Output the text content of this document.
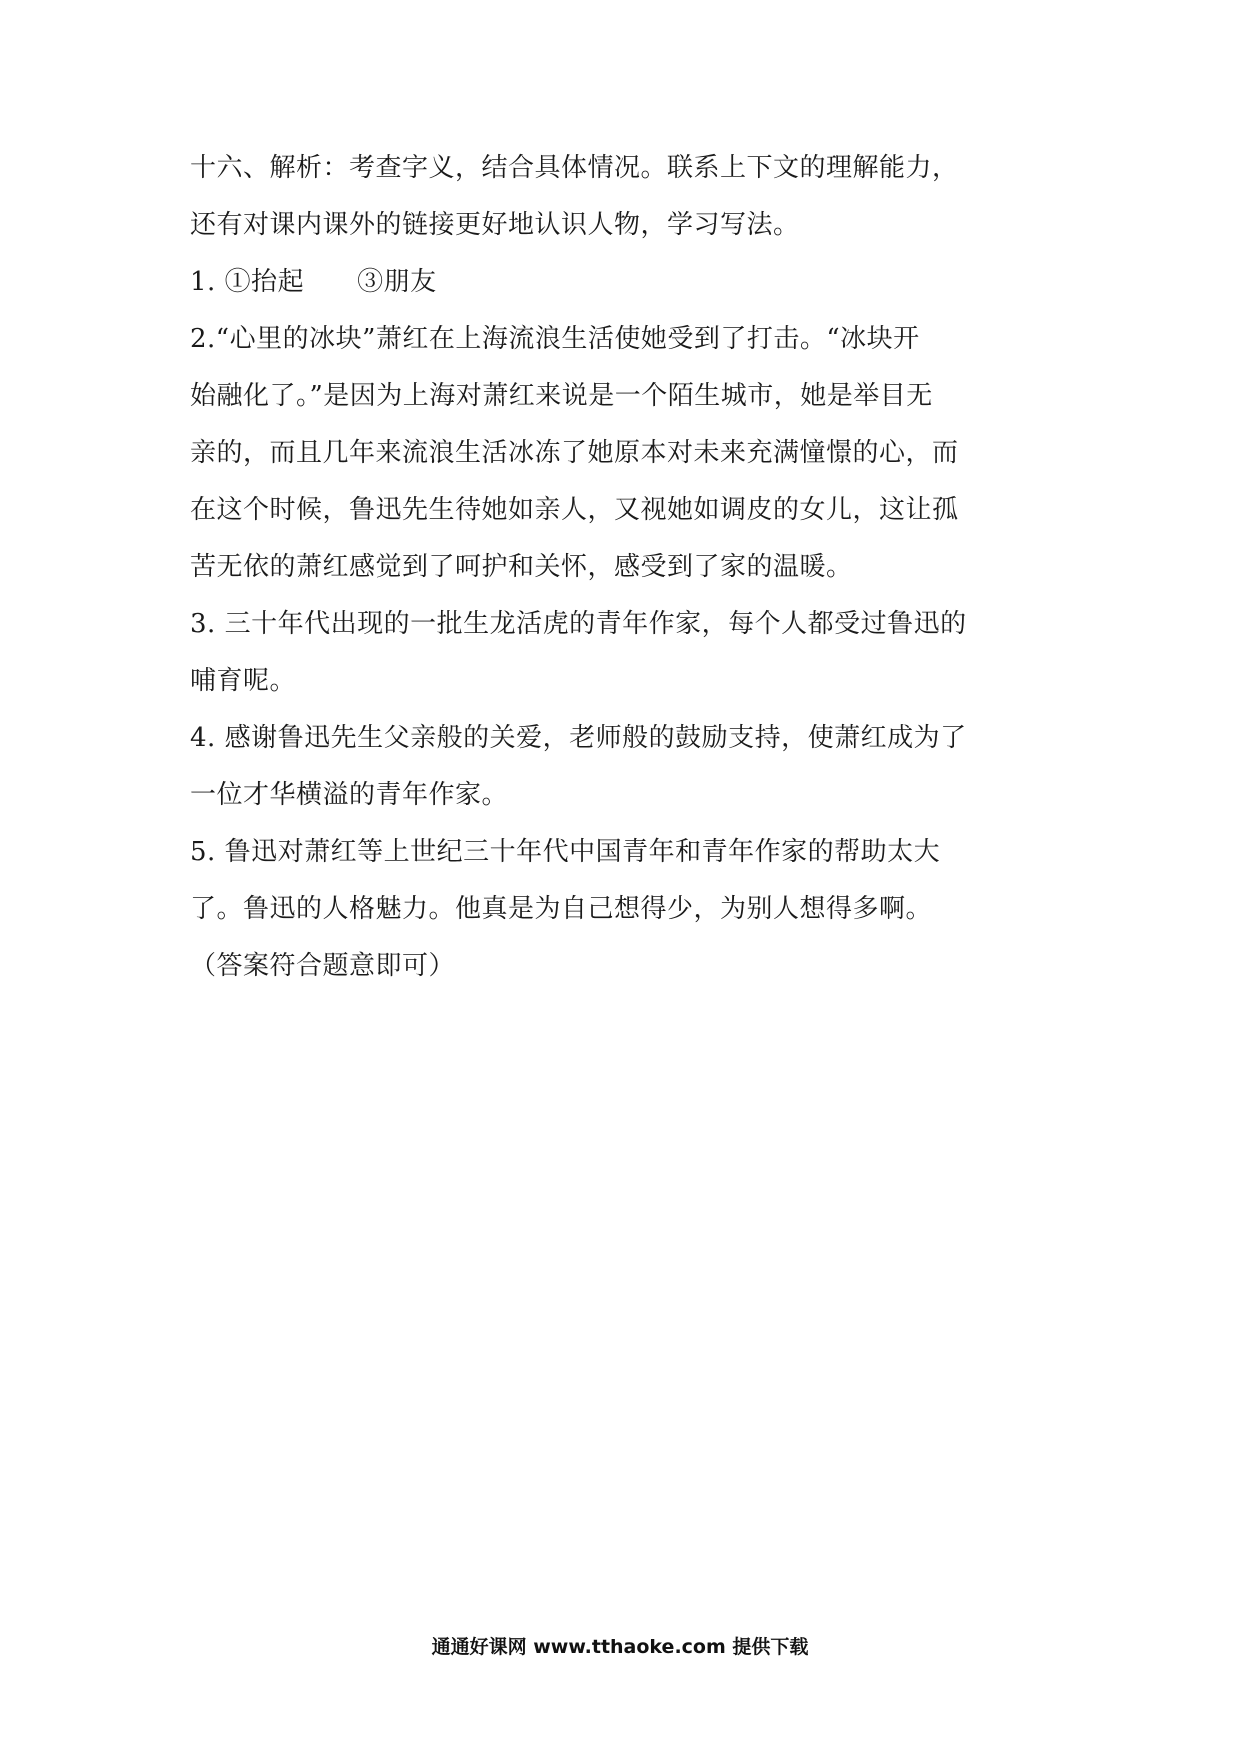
十六、解析：考查字义，结合具体情况。联系上下文的理解能力，
还有对课内课外的链接更好地认识人物，学习写法。
1. ①抬起　　③朋友
2.“心里的冰块”萧红在上海流浪生活使她受到了打击。“冰块开
始融化了。”是因为上海对萧红来说是一个陌生城市，她是举目无
亲的，而且几年来流浪生活冰冻了她原本对未来充满憧憬的心，而
在这个时候，鲁迅先生待她如亲人，又视她如调皮的女儿，这让孤
苦无依的萧红感觉到了呵护和关怀，感受到了家的温暖。
3. 三十年代出现的一批生龙活虎的青年作家，每个人都受过鲁迅的
哺育呢。
4. 感谢鲁迅先生父亲般的关爱，老师般的鼓励支持，使萧红成为了
一位才华横溢的青年作家。
5. 鲁迅对萧红等上世纪三十年代中国青年和青年作家的帮助太大
了。鲁迅的人格魅力。他真是为自己想得少，为别人想得多啊。
（答案符合题意即可）
通通好课网 www.tthaoke.com 提供下载
